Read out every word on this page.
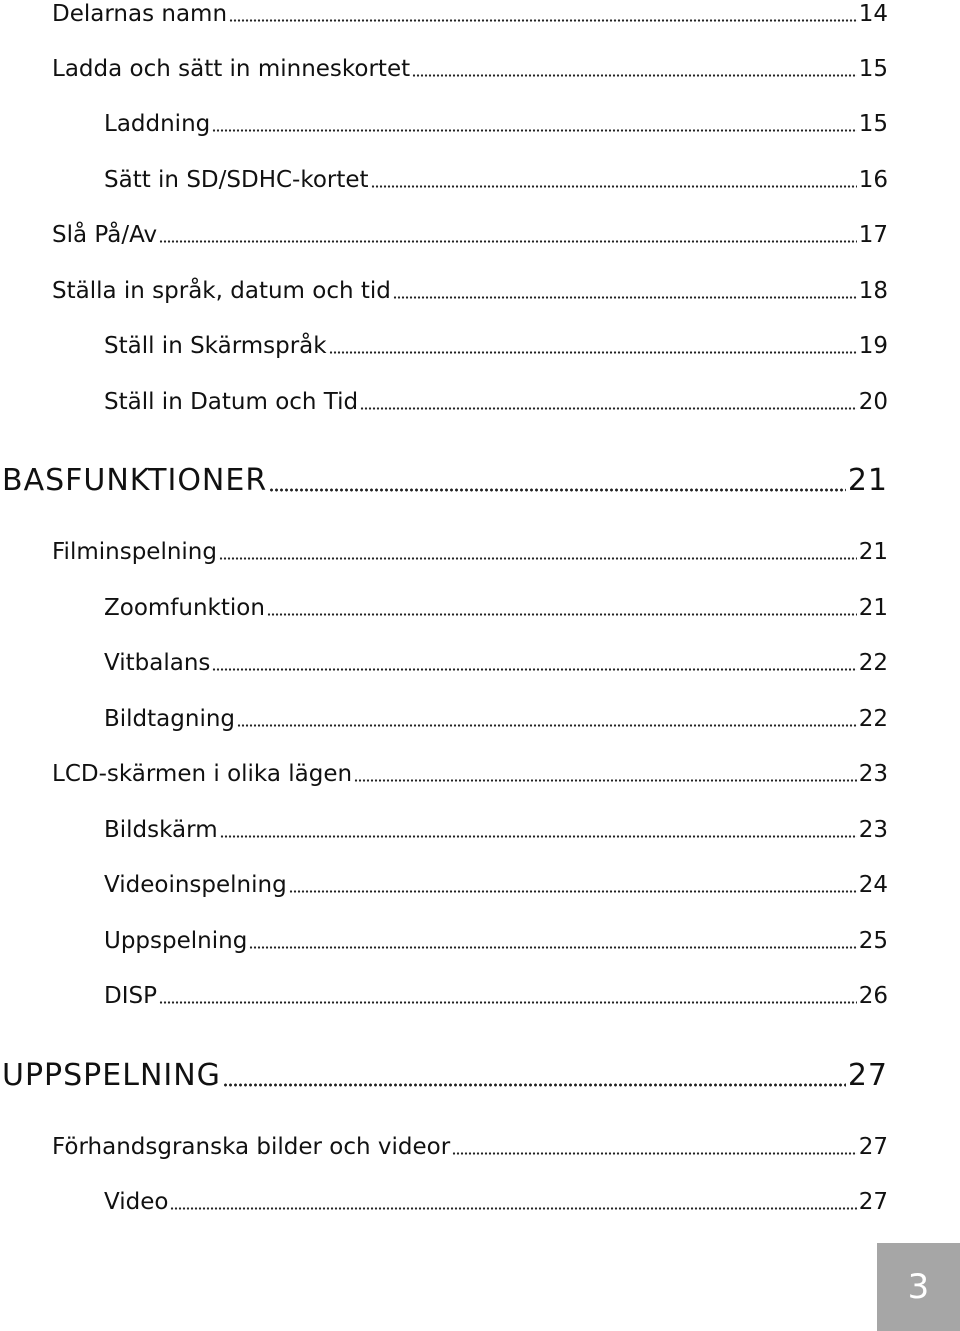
Delarnas namn	14
Ladda och sätt in minneskortet	15
Laddning	15
Sätt in SD/SDHC-kortet	16
Slå På/Av	17
Ställa in språk, datum och tid	18
Ställ in Skärmspråk	19
Ställ in Datum och Tid	20
BASFUNKTIONER	21
Filminspelning	21
Zoomfunktion	21
Vitbalans	22
Bildtagning	22
LCD-skärmen i olika lägen	23
Bildskärm	23
Videoinspelning	24
Uppspelning	25
DISP	26
UPPSPELNING	27
Förhandsgranska bilder och videor	27
Video	27
3
